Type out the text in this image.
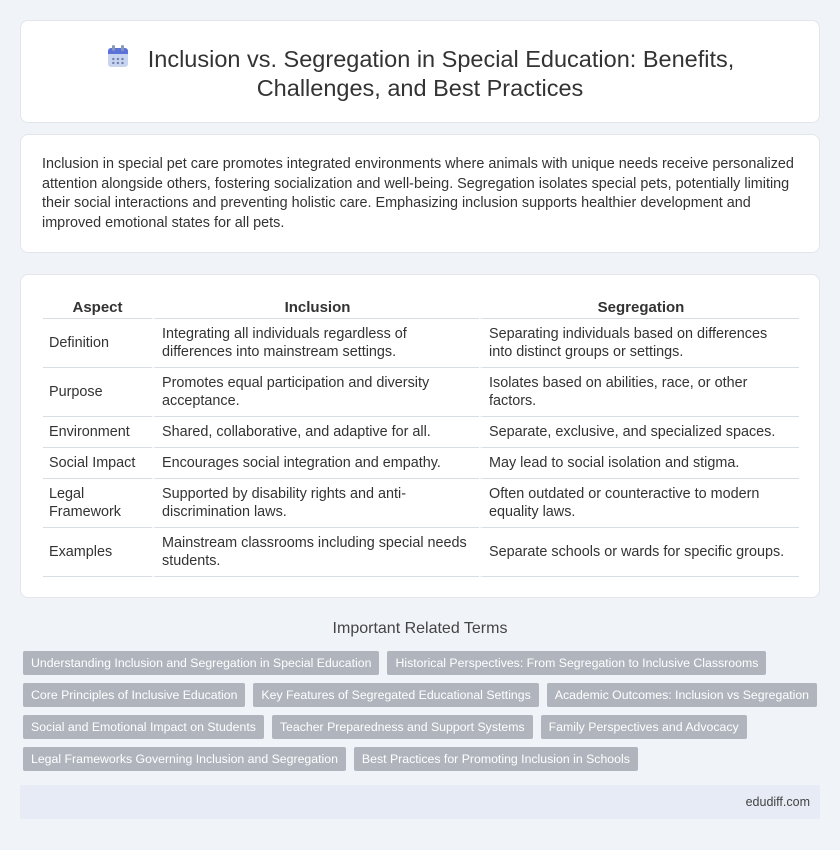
Inclusion vs. Segregation in Special Education: Benefits,
Challenges, and Best Practices

Inclusion in special pet care promotes integrated environments where animals with unique needs receive personalized attention alongside others, fostering socialization and well-being. Segregation isolates special pets, potentially limiting their social interactions and preventing holistic care. Emphasizing inclusion supports healthier development and improved emotional states for all pets.

Aspect	Inclusion	Segregation
Definition	Integrating all individuals regardless of differences into mainstream settings.	Separating individuals based on differences into distinct groups or settings.
Purpose	Promotes equal participation and diversity acceptance.	Isolates based on abilities, race, or other factors.
Environment	Shared, collaborative, and adaptive for all.	Separate, exclusive, and specialized spaces.
Social Impact	Encourages social integration and empathy.	May lead to social isolation and stigma.
Legal Framework	Supported by disability rights and anti-discrimination laws.	Often outdated or counteractive to modern equality laws.
Examples	Mainstream classrooms including special needs students.	Separate schools or wards for specific groups.
Important Related Terms
Understanding Inclusion and Segregation in Special Education	Historical Perspectives: From Segregation to Inclusive Classrooms
Core Principles of Inclusive Education	Key Features of Segregated Educational Settings	Academic Outcomes: Inclusion vs Segregation
Social and Emotional Impact on Students	Teacher Preparedness and Support Systems	Family Perspectives and Advocacy
Legal Frameworks Governing Inclusion and Segregation	Best Practices for Promoting Inclusion in Schools
edudiff.com
